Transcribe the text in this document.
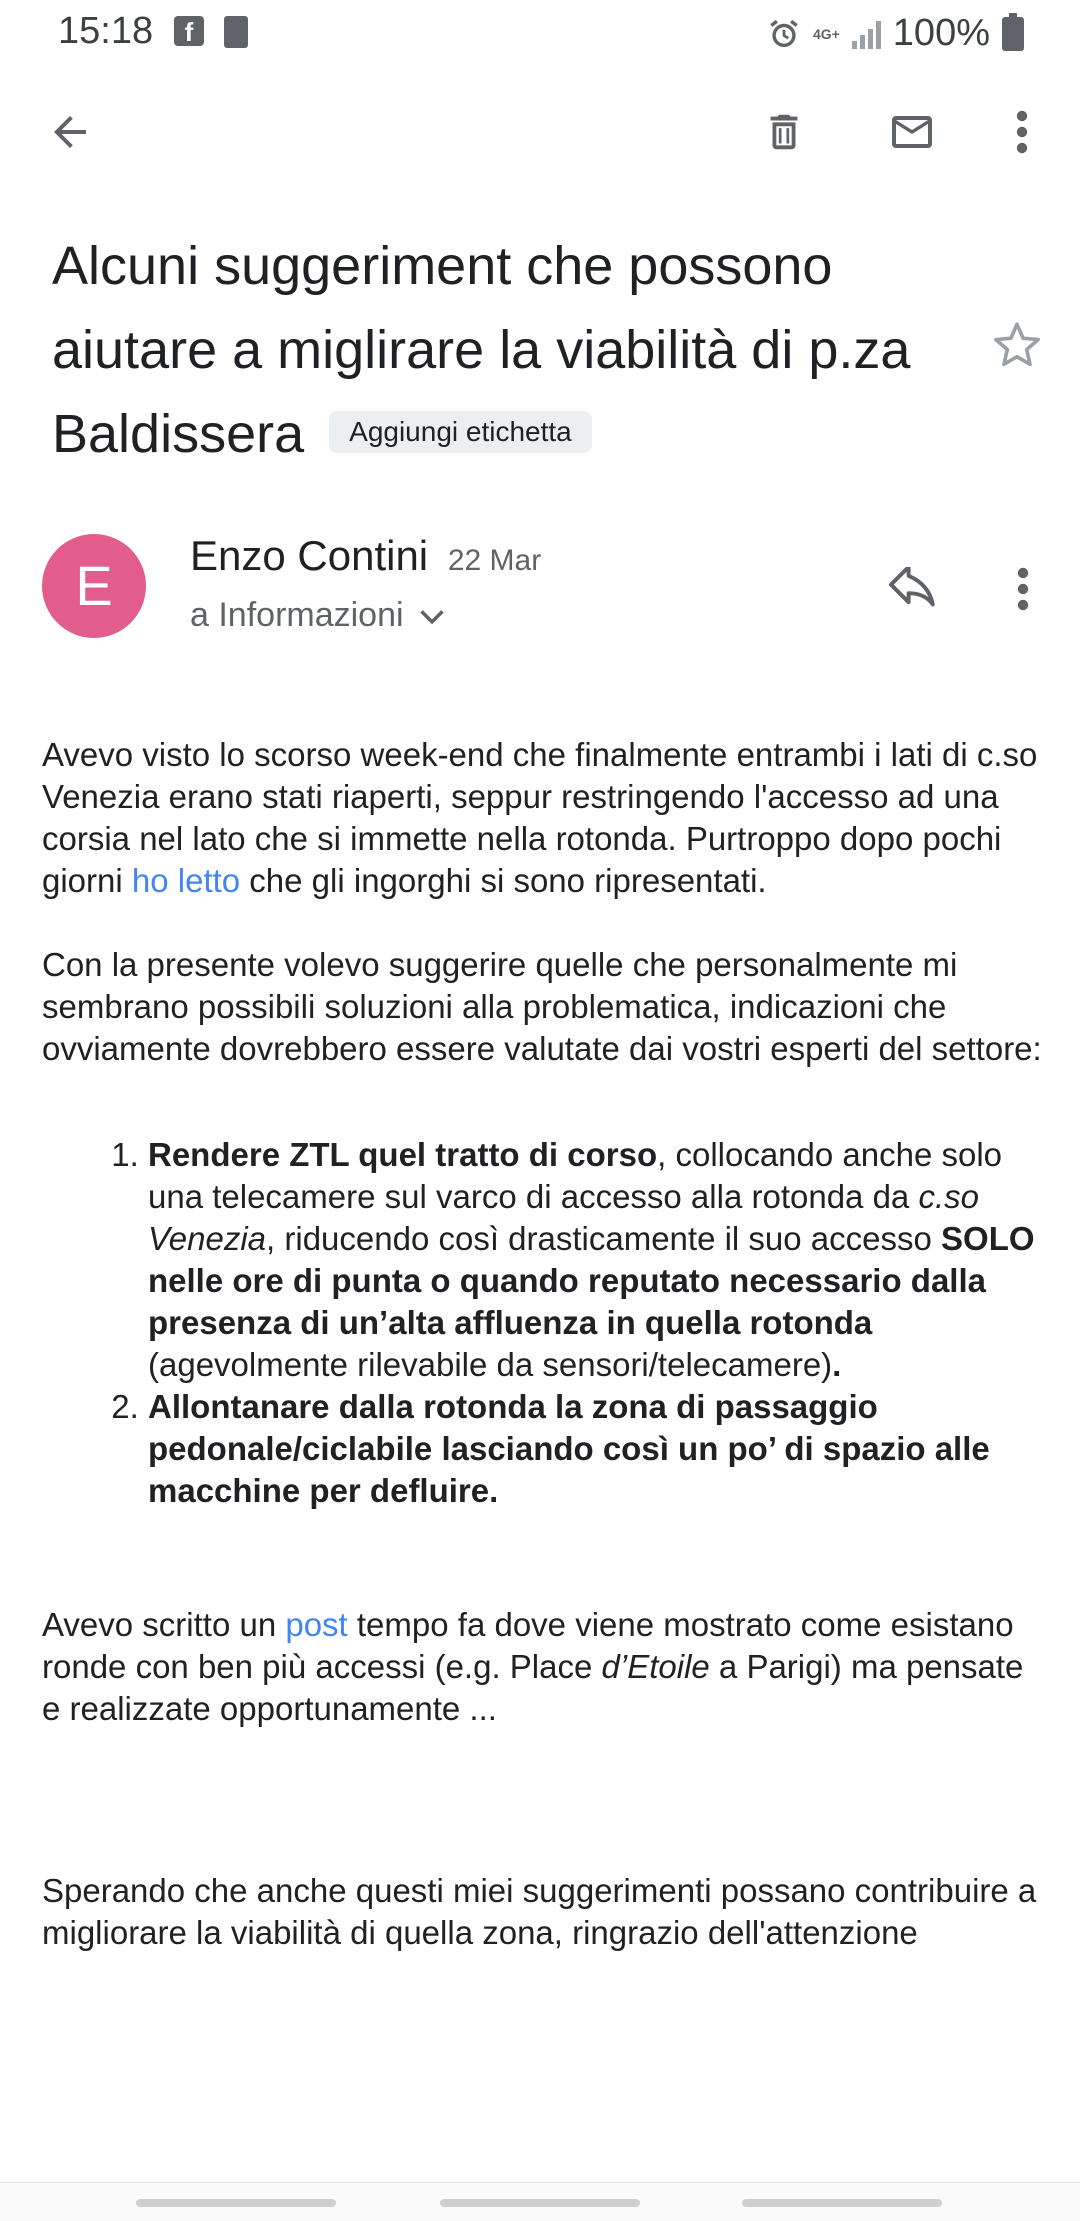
15:18	f	4G+ 100%
Alcuni suggeriment che possono aiutare a miglirare la viabilità di p.za Baldissera Aggiungi etichetta
E	Enzo Contini 22 Mar
a Informazioni

Avevo visto lo scorso week-end che finalmente entrambi i lati di c.so Venezia erano stati riaperti, seppur restringendo l'accesso ad una corsia nel lato che si immette nella rotonda. Purtroppo dopo pochi giorni ho letto che gli ingorghi si sono ripresentati.

Con la presente volevo suggerire quelle che personalmente mi sembrano possibili soluzioni alla problematica, indicazioni che ovviamente dovrebbero essere valutate dai vostri esperti del settore:

1. Rendere ZTL quel tratto di corso, collocando anche solo una telecamere sul varco di accesso alla rotonda da c.so Venezia, riducendo così drasticamente il suo accesso SOLO nelle ore di punta o quando reputato necessario dalla presenza di un’alta affluenza in quella rotonda (agevolmente rilevabile da sensori/telecamere).
2. Allontanare dalla rotonda la zona di passaggio pedonale/ciclabile lasciando così un po’ di spazio alle macchine per defluire.

Avevo scritto un post tempo fa dove viene mostrato come esistano ronde con ben più accessi (e.g. Place d’Etoile a Parigi) ma pensate e realizzate opportunamente ...

Sperando che anche questi miei suggerimenti possano contribuire a migliorare la viabilità di quella zona, ringrazio dell'attenzione
